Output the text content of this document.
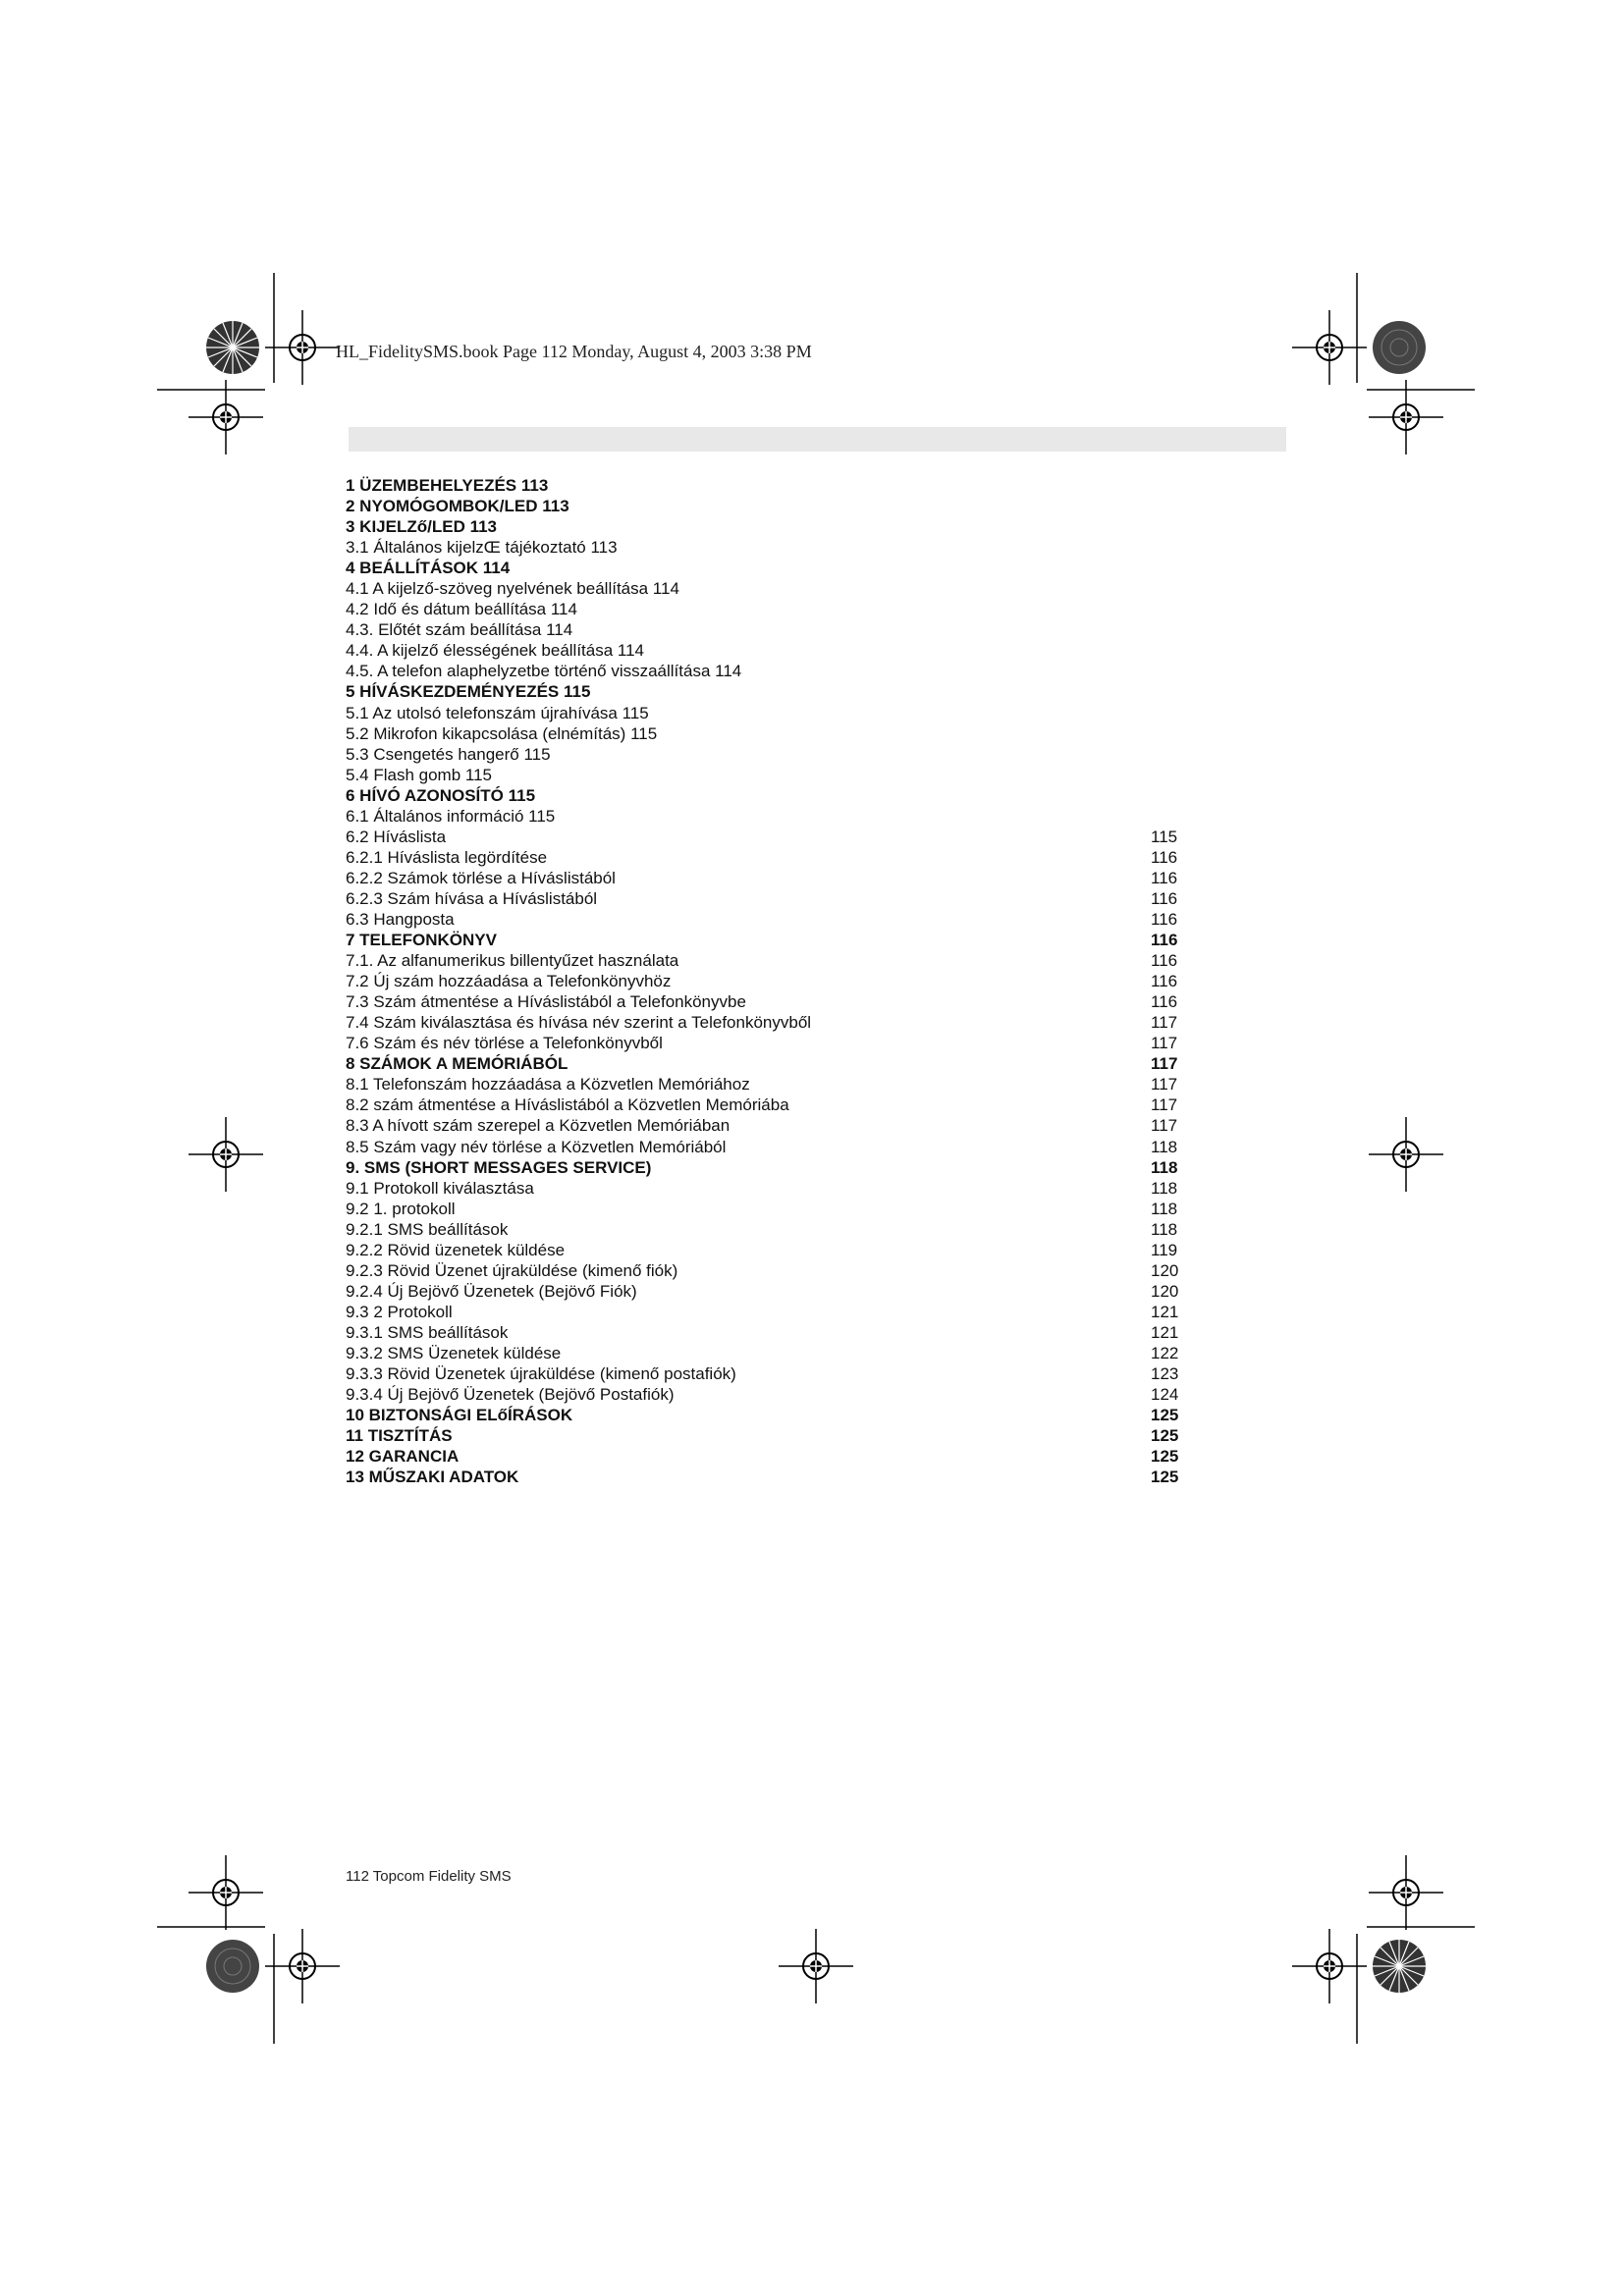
HL_FidelitySMS.book Page 112 Monday, August 4, 2003 3:38 PM
1 ÜZEMBEHELYEZÉS 113
2 NYOMÓGOMBOK/LED 113
3 KIJELZő/LED 113
3.1 Általános kijelzŒ tájékoztató 113
4 BEÁLLÍTÁSOK 114
4.1 A kijelző-szöveg nyelvének beállítása 114
4.2 Idő és dátum beállítása 114
4.3. Előtét szám beállítása 114
4.4. A kijelző élességének beállítása 114
4.5. A telefon alaphelyzetbe történő visszaállítása 114
5 HÍVÁSKEZDEMÉNYEZÉS 115
5.1 Az utolsó telefonszám újrahívása 115
5.2 Mikrofon kikapcsolása (elnémítás) 115
5.3 Csengetés hangerő 115
5.4 Flash gomb 115
6 HÍVÓ AZONOSÍTÓ 115
6.1 Általános információ 115
6.2 Híváslista	115
6.2.1 Híváslista legördítése	116
6.2.2 Számok törlése a Híváslistából	116
6.2.3 Szám hívása a Híváslistából	116
6.3 Hangposta	116
7 TELEFONKÖNYV	116
7.1. Az alfanumerikus billentyűzet használata	116
7.2 Új szám hozzáadása a Telefonkönyvhöz	116
7.3 Szám átmentése a Híváslistából a Telefonkönyvbe	116
7.4 Szám kiválasztása és hívása név szerint a Telefonkönyvből	117
7.6 Szám és név törlése a Telefonkönyvből	117
8 SZÁMOK A MEMÓRIÁBÓL	117
8.1 Telefonszám hozzáadása a Közvetlen Memóriához	117
8.2 szám átmentése a Híváslistából a Közvetlen Memóriába	117
8.3 A hívott szám szerepel a Közvetlen Memóriában	117
8.5 Szám vagy név törlése a Közvetlen Memóriából	118
9. SMS (SHORT MESSAGES SERVICE)	118
9.1 Protokoll kiválasztása	118
9.2 1. protokoll	118
9.2.1 SMS beállítások	118
9.2.2 Rövid üzenetek küldése	119
9.2.3 Rövid Üzenet újraküldése (kimenő fiók)	120
9.2.4 Új Bejövő Üzenetek (Bejövő Fiók)	120
9.3 2 Protokoll	121
9.3.1 SMS beállítások	121
9.3.2 SMS Üzenetek küldése	122
9.3.3 Rövid Üzenetek újraküldése (kimenő postafiók)	123
9.3.4 Új Bejövő Üzenetek (Bejövő Postafiók)	124
10 BIZTONSÁGI ELőÍRÁSOK	125
11 TISZTÍTÁS	125
12 GARANCIA	125
13 MŰSZAKI ADATOK	125
112 Topcom Fidelity SMS
